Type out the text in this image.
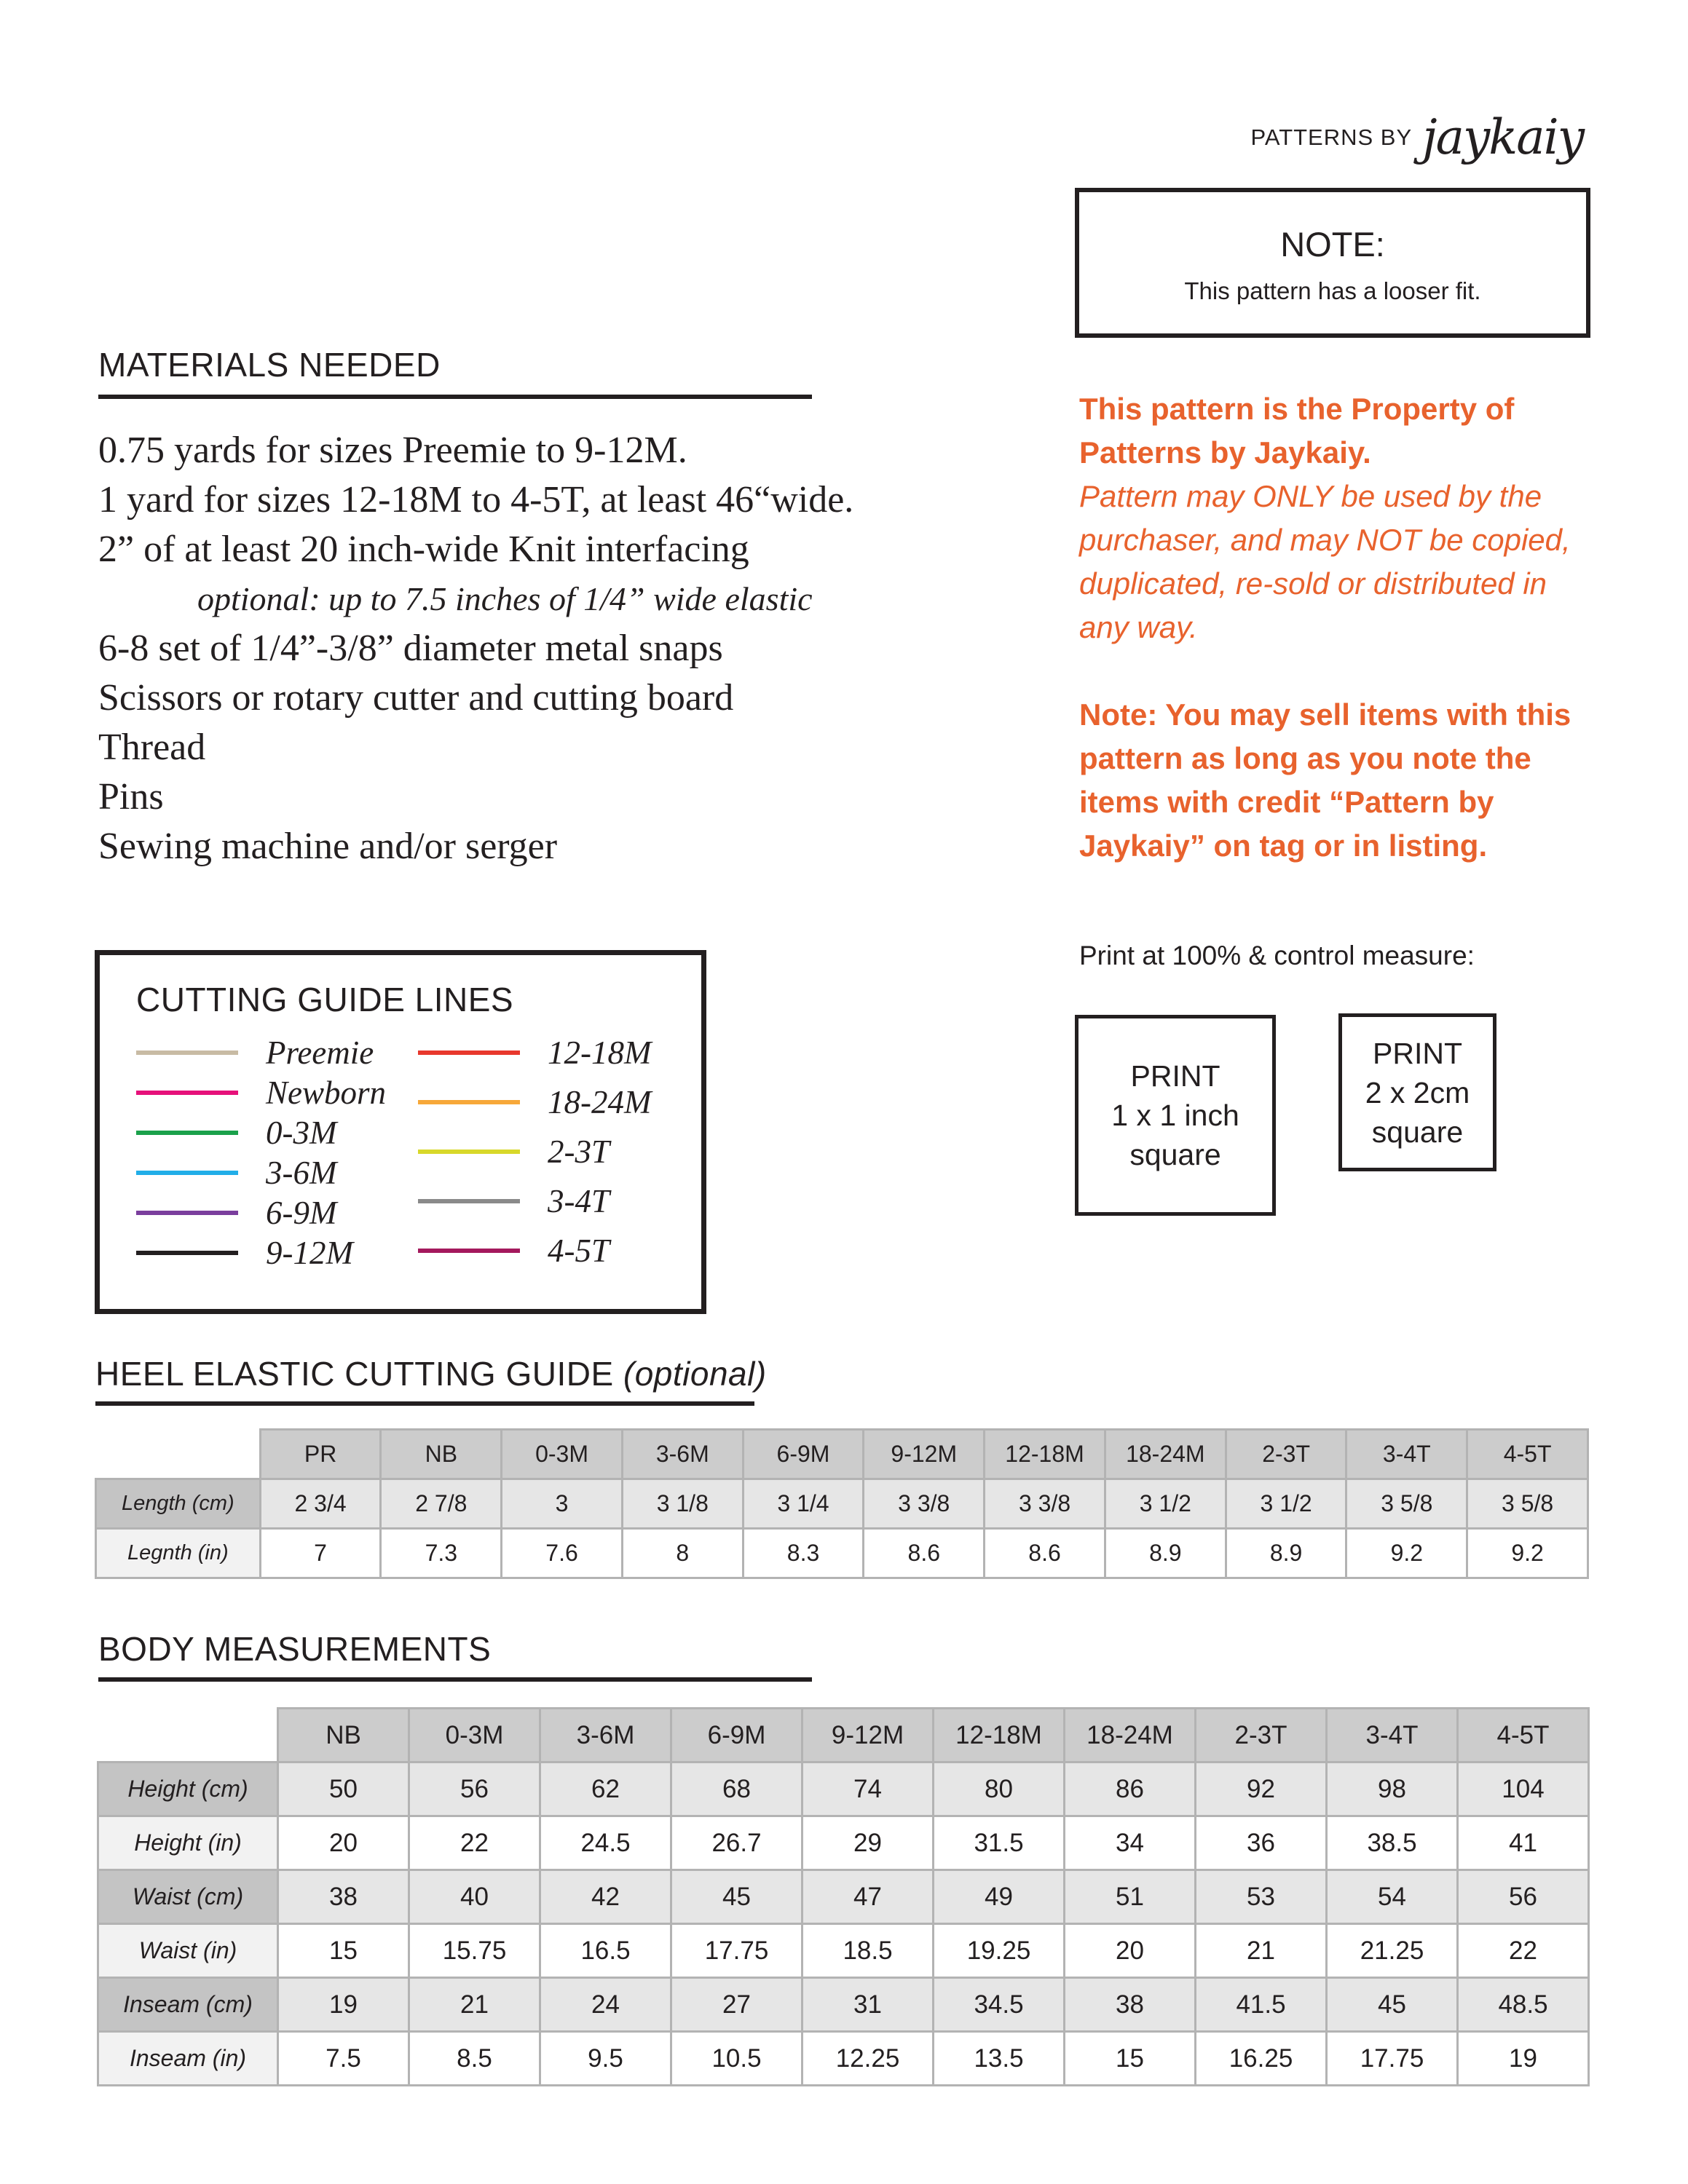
PATTERNS BY jaykaiy
NOTE:
This pattern has a looser fit.
MATERIALS NEEDED
0.75 yards for sizes Preemie to 9-12M.
1 yard for sizes 12-18M to 4-5T, at least 46“wide.
2” of at least 20 inch-wide Knit interfacing
optional: up to 7.5 inches of 1/4” wide elastic
6-8 set of 1/4”-3/8” diameter metal snaps
Scissors or rotary cutter and cutting board
Thread
Pins
Sewing machine and/or serger

This pattern is the Property of Patterns by Jaykaiy.

Pattern may ONLY be used by the purchaser, and may NOT be copied, duplicated, re-sold or distributed in any way.

Note: You may sell items with this pattern as long as you note the items with credit “Pattern by Jaykaiy” on tag or in listing.

Print at 100% & control measure:
PRINT
1 x 1 inch
square
PRINT
2 x 2cm
square
CUTTING GUIDE LINES
Preemie
Newborn
0-3M
3-6M
6-9M
9-12M
12-18M
18-24M
2-3T
3-4T
4-5T
HEEL ELASTIC CUTTING GUIDE (optional)
	PR	NB	0-3M	3-6M	6-9M	9-12M	12-18M	18-24M	2-3T	3-4T	4-5T
Length (cm)	2 3/4	2 7/8	3	3 1/8	3 1/4	3 3/8	3 3/8	3 1/2	3 1/2	3 5/8	3 5/8
Legnth (in)	7	7.3	7.6	8	8.3	8.6	8.6	8.9	8.9	9.2	9.2
BODY MEASUREMENTS
	NB	0-3M	3-6M	6-9M	9-12M	12-18M	18-24M	2-3T	3-4T	4-5T
Height (cm)	50	56	62	68	74	80	86	92	98	104
Height (in)	20	22	24.5	26.7	29	31.5	34	36	38.5	41
Waist (cm)	38	40	42	45	47	49	51	53	54	56
Waist (in)	15	15.75	16.5	17.75	18.5	19.25	20	21	21.25	22
Inseam (cm)	19	21	24	27	31	34.5	38	41.5	45	48.5
Inseam (in)	7.5	8.5	9.5	10.5	12.25	13.5	15	16.25	17.75	19
